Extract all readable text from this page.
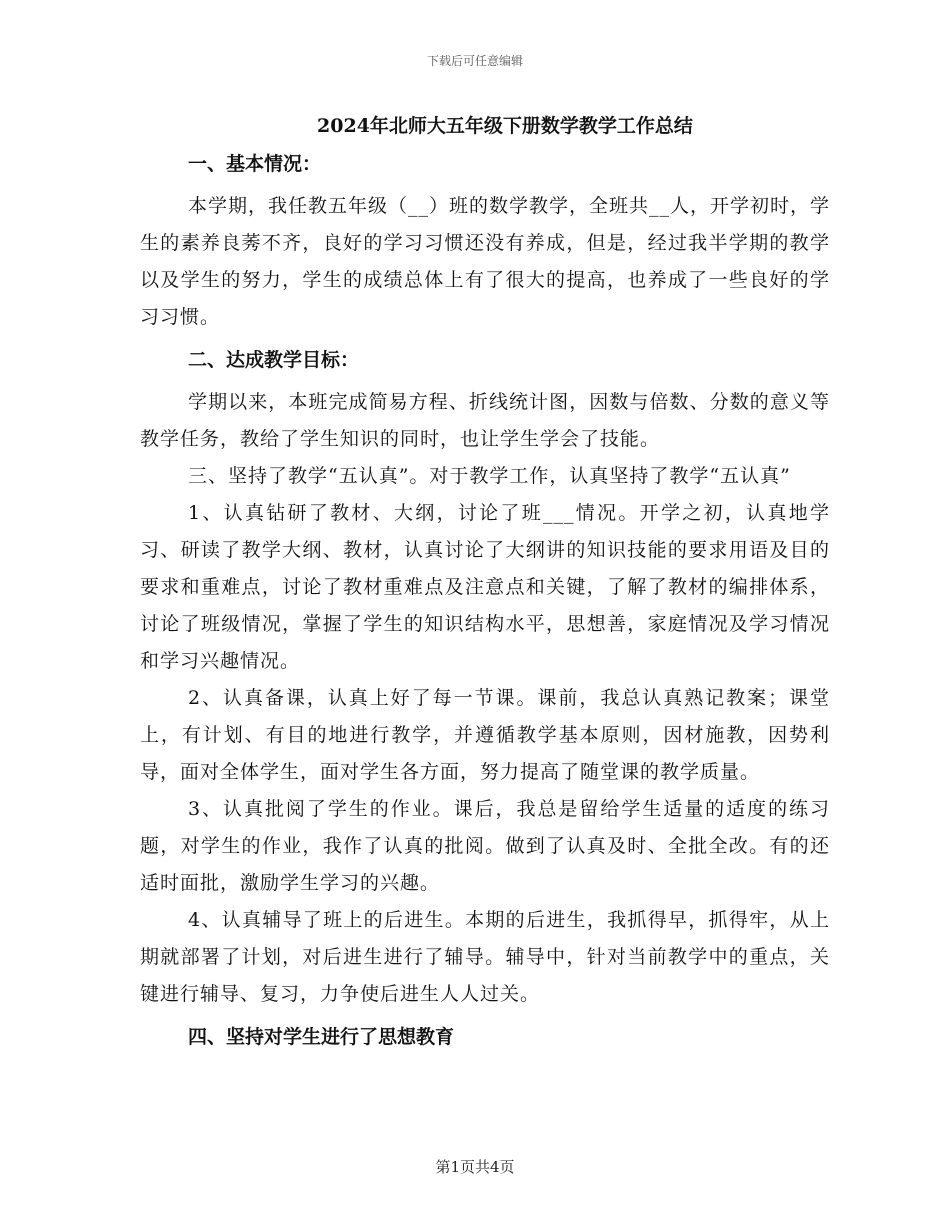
下载后可任意编辑
2024年北师大五年级下册数学教学工作总结
一、基本情况：

本学期，我任教五年级（__）班的数学教学，全班共__人，开学初时，学生的素养良莠不齐，良好的学习习惯还没有养成，但是，经过我半学期的教学以及学生的努力，学生的成绩总体上有了很大的提高，也养成了一些良好的学习习惯。

二、达成教学目标：

学期以来，本班完成简易方程、折线统计图，因数与倍数、分数的意义等教学任务，教给了学生知识的同时，也让学生学会了技能。

三、坚持了教学“五认真”。对于教学工作，认真坚持了教学“五认真”

1、认真钻研了教材、大纲，讨论了班___情况。开学之初，认真地学习、研读了教学大纲、教材，认真讨论了大纲讲的知识技能的要求用语及目的要求和重难点，讨论了教材重难点及注意点和关键，了解了教材的编排体系，讨论了班级情况，掌握了学生的知识结构水平，思想善，家庭情况及学习情况和学习兴趣情况。

2、认真备课，认真上好了每一节课。课前，我总认真熟记教案；课堂上，有计划、有目的地进行教学，并遵循教学基本原则，因材施教，因势利导，面对全体学生，面对学生各方面，努力提高了随堂课的教学质量。

3、认真批阅了学生的作业。课后，我总是留给学生适量的适度的练习题，对学生的作业，我作了认真的批阅。做到了认真及时、全批全改。有的还适时面批，激励学生学习的兴趣。

4、认真辅导了班上的后进生。本期的后进生，我抓得早，抓得牢，从上期就部署了计划，对后进生进行了辅导。辅导中，针对当前教学中的重点，关键进行辅导、复习，力争使后进生人人过关。

四、坚持对学生进行了思想教育
第1页共4页
